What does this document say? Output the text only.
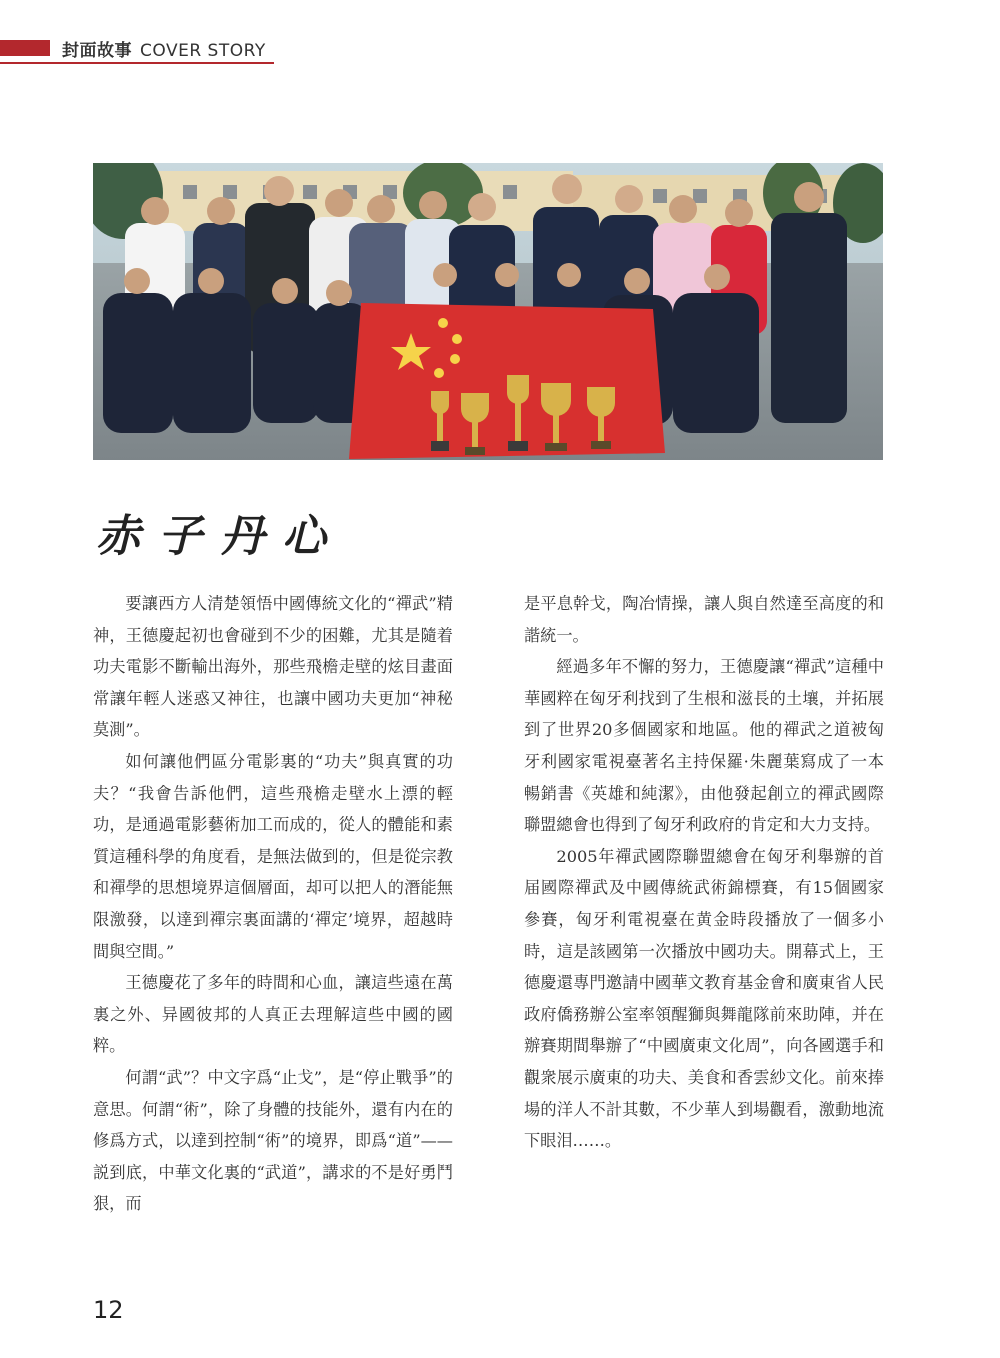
封面故事 COVER STORY
赤子丹心

要讓西方人清楚領悟中國傳統文化的“禪武”精神，王德慶起初也會碰到不少的困難，尤其是隨着功夫電影不斷輸出海外，那些飛檐走壁的炫目畫面常讓年輕人迷惑又神往，也讓中國功夫更加“神秘莫測”。

如何讓他們區分電影裏的“功夫”與真實的功夫？“我會告訴他們，這些飛檐走壁水上漂的輕功，是通過電影藝術加工而成的，從人的體能和素質這種科學的角度看，是無法做到的，但是從宗教和禪學的思想境界這個層面，却可以把人的潛能無限激發，以達到禪宗裏面講的‘禪定’境界，超越時間與空間。”

王德慶花了多年的時間和心血，讓這些遠在萬裏之外、异國彼邦的人真正去理解這些中國的國粹。

何謂“武”？中文字爲“止戈”，是“停止戰爭”的意思。何謂“術”，除了身體的技能外，還有内在的修爲方式，以達到控制“術”的境界，即爲“道”——説到底，中華文化裏的“武道”，講求的不是好勇鬥狠，而

是平息幹戈，陶冶情操，讓人與自然達至高度的和諧統一。

經過多年不懈的努力，王德慶讓“禪武”這種中華國粹在匈牙利找到了生根和滋長的土壤，并拓展到了世界20多個國家和地區。他的禪武之道被匈牙利國家電視臺著名主持保羅·朱麗葉寫成了一本暢銷書《英雄和純潔》，由他發起創立的禪武國際聯盟總會也得到了匈牙利政府的肯定和大力支持。

2005年禪武國際聯盟總會在匈牙利舉辦的首届國際禪武及中國傳統武術錦標賽，有15個國家參賽，匈牙利電視臺在黄金時段播放了一個多小時，這是該國第一次播放中國功夫。開幕式上，王德慶還專門邀請中國華文教育基金會和廣東省人民政府僑務辦公室率領醒獅與舞龍隊前來助陣，并在辦賽期間舉辦了“中國廣東文化周”，向各國選手和觀衆展示廣東的功夫、美食和香雲紗文化。前來捧場的洋人不計其數，不少華人到場觀看，激動地流下眼泪……。

12
